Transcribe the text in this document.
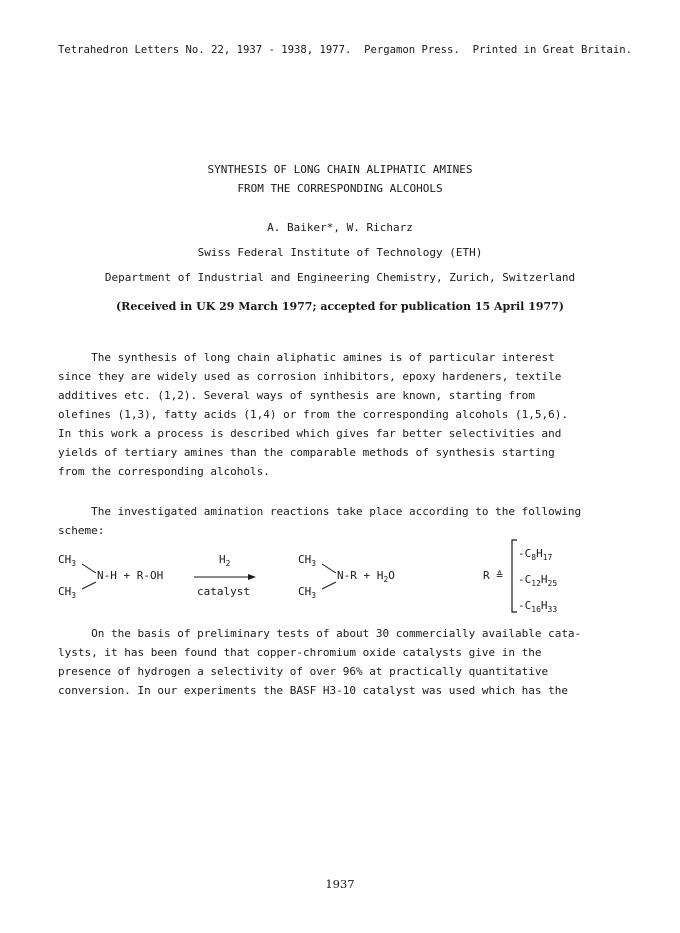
Tetrahedron Letters No. 22, 1937 - 1938, 1977.  Pergamon Press.  Printed in Great Britain.
SYNTHESIS OF LONG CHAIN ALIPHATIC AMINES
FROM THE CORRESPONDING ALCOHOLS
A. Baiker*, W. Richarz
Swiss Federal Institute of Technology (ETH)
Department of Industrial and Engineering Chemistry, Zurich, Switzerland
(Received in UK 29 March 1977; accepted for publication 15 April 1977)
The synthesis of long chain aliphatic amines is of particular interest
since they are widely used as corrosion inhibitors, epoxy hardeners, textile
additives etc. (1,2). Several ways of synthesis are known, starting from
olefines (1,3), fatty acids (1,4) or from the corresponding alcohols (1,5,6).
In this work a process is described which gives far better selectivities and
yields of tertiary amines than the comparable methods of synthesis starting
from the corresponding alcohols.
The investigated amination reactions take place according to the following
scheme:
$CH_3$
$CH_3$
N-H + R-OH
$H_2$
catalyst
$CH_3$
$CH_3$
$N-R + H_2O$	R ≙
$-C_8H_{17}$
$-C_{12}H_{25}$
$-C_{16}H_{33}$
On the basis of preliminary tests of about 30 commercially available cata-
lysts, it has been found that copper-chromium oxide catalysts give in the
presence of hydrogen a selectivity of over 96% at practically quantitative
conversion. In our experiments the BASF H3-10 catalyst was used which has the
1937
